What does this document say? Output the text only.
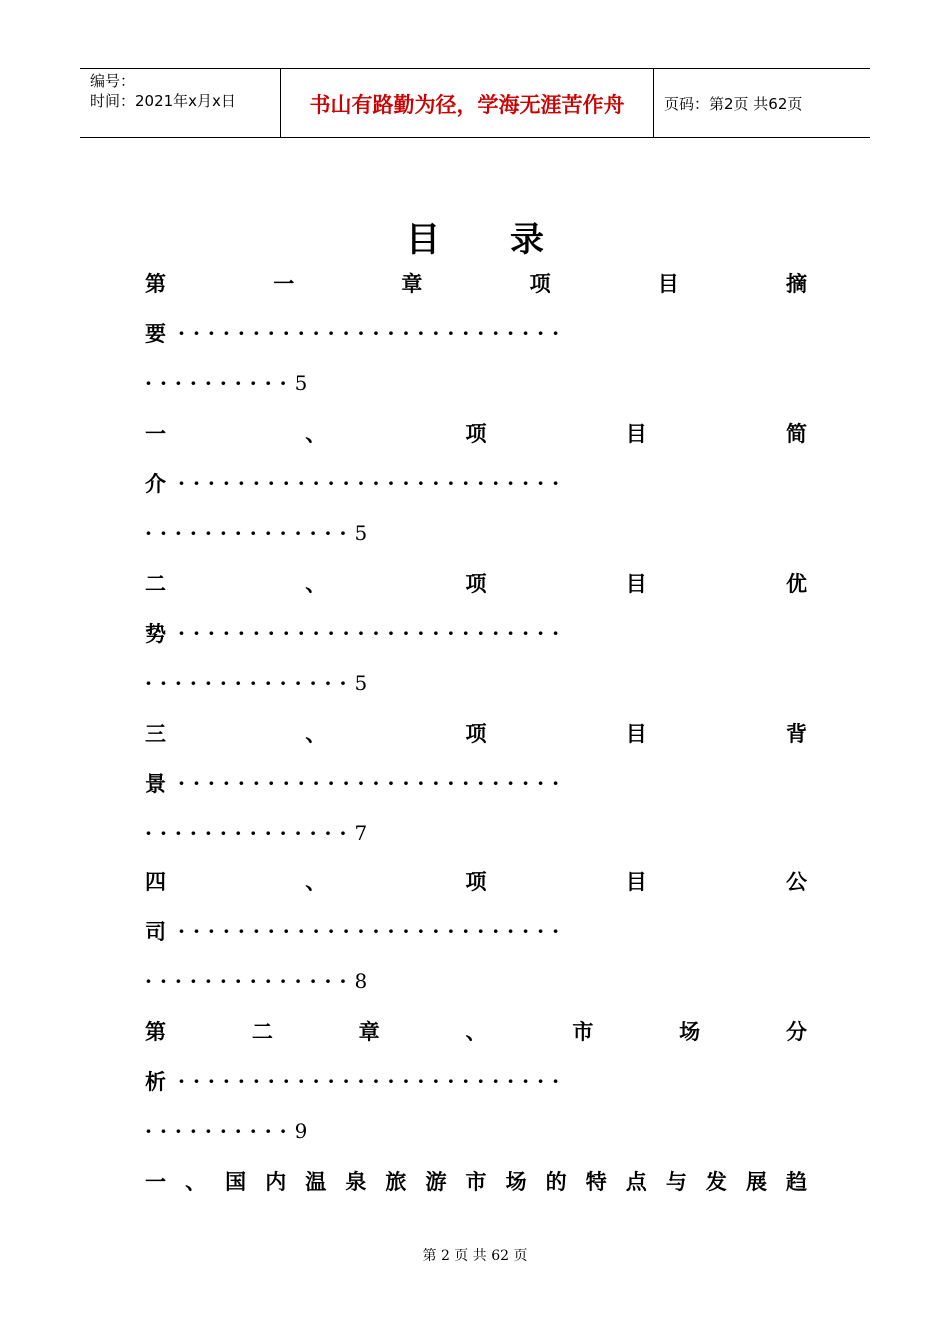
编号：
时间：2021年x月x日	书山有路勤为径，学海无涯苦作舟	页码：第2页 共62页
目 录
第	一	章	项	目	摘
要 ··························
·········· 5
一	、	项	目	简
介 ··························
·············· 5
二	、	项	目	优
势 ··························
·············· 5
三	、	项	目	背
景 ··························
·············· 7
四	、	项	目	公
司 ··························
·············· 8
第	二	章	、	市	场	分
析 ··························
·········· 9
一 、 国 内 温 泉 旅 游 市 场 的 特 点 与 发 展 趋
第 2 页 共 62 页
